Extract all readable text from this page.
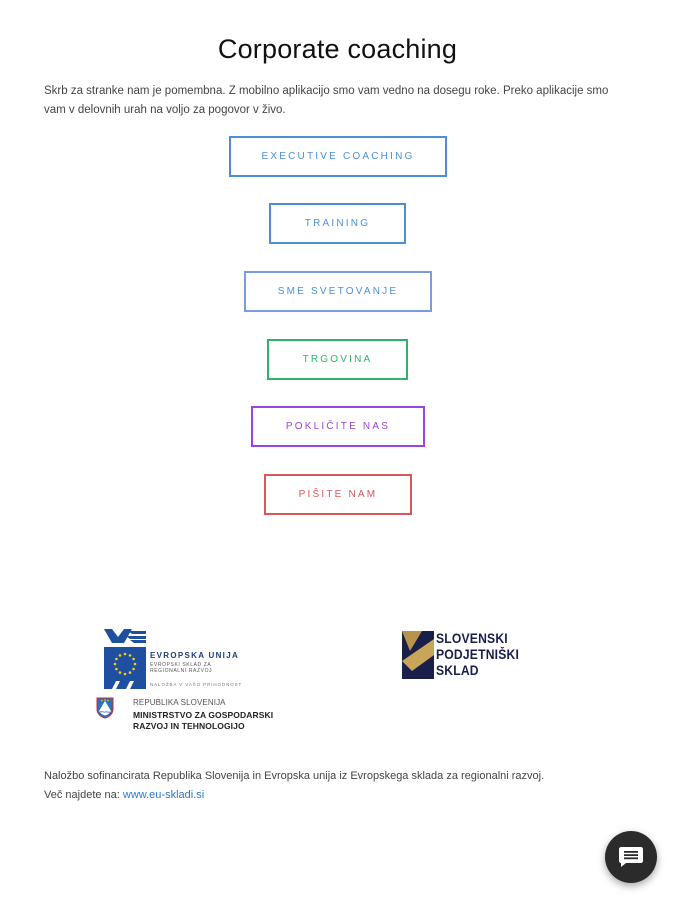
Corporate coaching

Skrb za stranke nam je pomembna. Z mobilno aplikacijo smo vam vedno na dosegu roke. Preko aplikacije smo vam v delovnih urah na voljo za pogovor v živo.

EXECUTIVE COACHING
TRAINING
SME SVETOVANJE
TRGOVINA
POKLIČITE NAS
PIŠITE NAM
EVROPSKA UNIJA
EVROPSKI SKLAD ZA
REGIONALNI RAZVOJ
NALOŽBA V VAŠO PRIHODNOST
REPUBLIKA SLOVENIJA
MINISTRSTVO ZA GOSPODARSKI
RAZVOJ IN TEHNOLOGIJO
SLOVENSKI
PODJETNIŠKI
SKLAD
Naložbo sofinancirata Republika Slovenija in Evropska unija iz Evropskega sklada za regionalni razvoj.
Več najdete na: www.eu-skladi.si
